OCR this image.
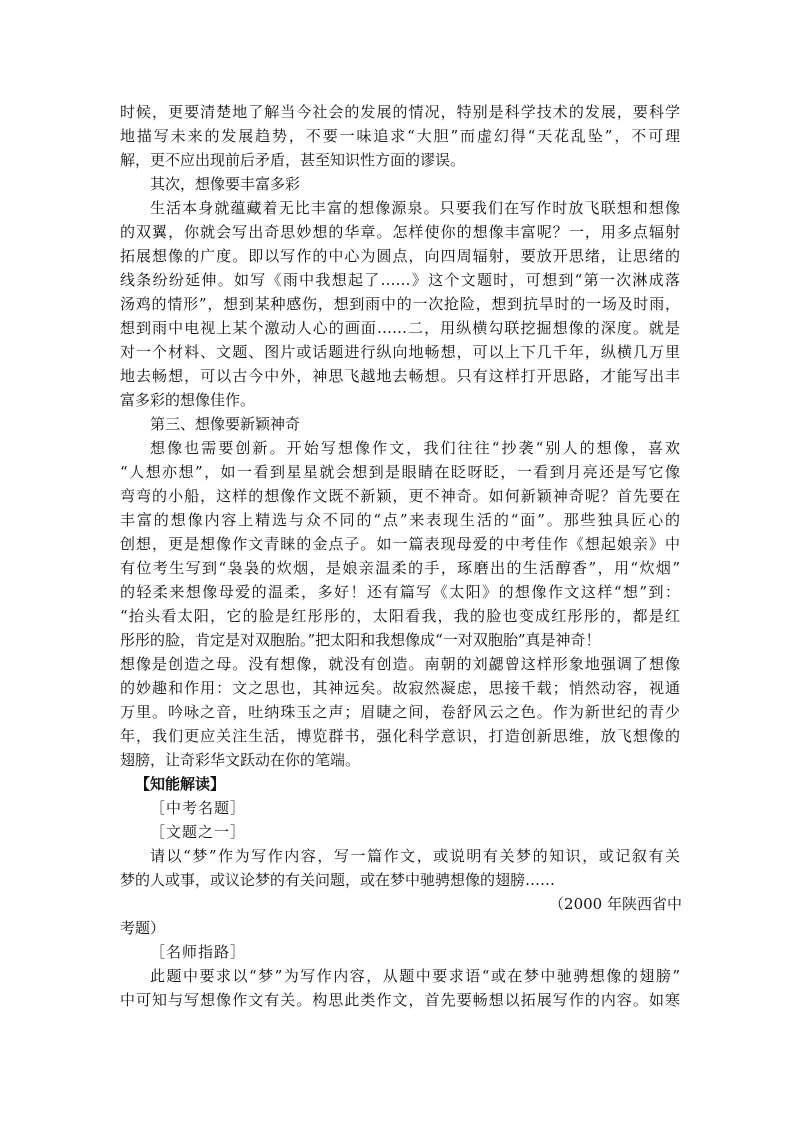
时候，更要清楚地了解当今社会的发展的情况，特别是科学技术的发展，要科学
地描写未来的发展趋势，不要一味追求“大胆”而虚幻得“天花乱坠”，不可理
解，更不应出现前后矛盾，甚至知识性方面的谬误。
其次，想像要丰富多彩
生活本身就蕴藏着无比丰富的想像源泉。只要我们在写作时放飞联想和想像
的双翼，你就会写出奇思妙想的华章。怎样使你的想像丰富呢？一，用多点辐射
拓展想像的广度。即以写作的中心为圆点，向四周辐射，要放开思绪，让思绪的
线条纷纷延伸。如写《雨中我想起了……》这个文题时，可想到“第一次淋成落
汤鸡的情形”，想到某种感伤，想到雨中的一次抢险，想到抗旱时的一场及时雨，
想到雨中电视上某个激动人心的画面……二，用纵横勾联挖掘想像的深度。就是
对一个材料、文题、图片或话题进行纵向地畅想，可以上下几千年，纵横几万里
地去畅想，可以古今中外，神思飞越地去畅想。只有这样打开思路，才能写出丰
富多彩的想像佳作。
第三、想像要新颖神奇
想像也需要创新。开始写想像作文，我们往往“抄袭“别人的想像，喜欢
“人想亦想”，如一看到星星就会想到是眼睛在眨呀眨，一看到月亮还是写它像
弯弯的小船，这样的想像作文既不新颖，更不神奇。如何新颖神奇呢？首先要在
丰富的想像内容上精选与众不同的“点”来表现生活的“面”。那些独具匠心的
创想，更是想像作文青睐的金点子。如一篇表现母爱的中考佳作《想起娘亲》中
有位考生写到“袅袅的炊烟，是娘亲温柔的手，琢磨出的生活醇香”，用“炊烟”
的轻柔来想像母爱的温柔，多好！还有篇写《太阳》的想像作文这样“想”到：
“抬头看太阳，它的脸是红彤彤的，太阳看我，我的脸也变成红彤彤的，都是红
彤彤的脸，肯定是对双胞胎。”把太阳和我想像成“一对双胞胎”真是神奇！
想像是创造之母。没有想像，就没有创造。南朝的刘勰曾这样形象地强调了想像
的妙趣和作用：文之思也，其神远矣。故寂然凝虑，思接千载；悄然动容，视通
万里。吟咏之音，吐纳珠玉之声；眉睫之间，卷舒风云之色。作为新世纪的青少
年，我们更应关注生活，博览群书，强化科学意识，打造创新思维，放飞想像的
翅膀，让奇彩华文跃动在你的笔端。
【知能解读】
［中考名题］
［文题之一］
请以“梦”作为写作内容，写一篇作文，或说明有关梦的知识，或记叙有关
梦的人或事，或议论梦的有关问题，或在梦中驰骋想像的翅膀……
（2000 年陕西省中
考题）
［名师指路］
此题中要求以“梦”为写作内容，从题中要求语“或在梦中驰骋想像的翅膀”
中可知与写想像作文有关。构思此类作文，首先要畅想以拓展写作的内容。如寒
